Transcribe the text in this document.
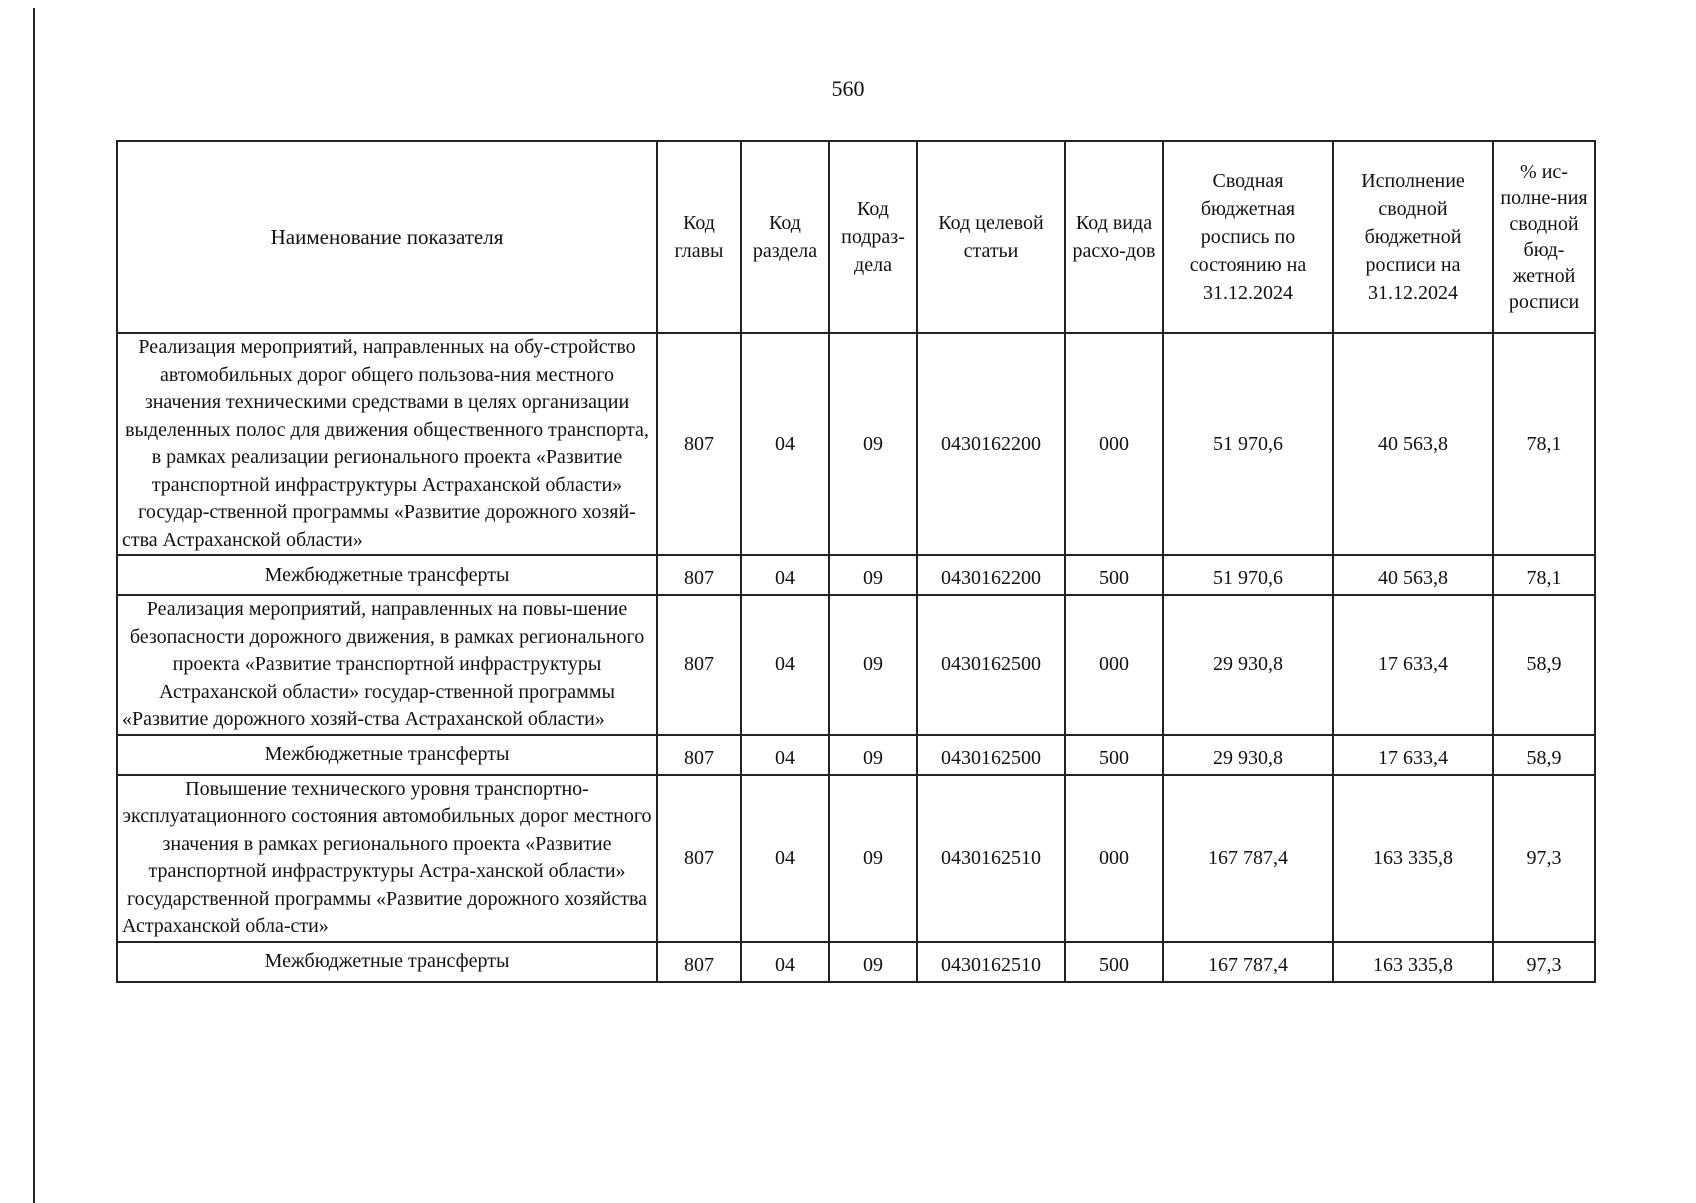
560
Наименование показателя	Код главы	Код раздела	Код подраз-дела	Код целевой статьи	Код вида расхо-дов	Сводная бюджетная роспись по состоянию на 31.12.2024	Исполнение сводной бюджетной росписи на 31.12.2024	% ис-полне-ния сводной бюд-жетной росписи
Реализация мероприятий, направленных на обу-стройство автомобильных дорог общего пользова-ния местного значения техническими средствами в целях организации выделенных полос для движения общественного транспорта, в рамках реализации регионального проекта «Развитие транспортной инфраструктуры Астраханской области» государ-ственной программы «Развитие дорожного хозяй-ства Астраханской области»	807	04	09	0430162200	000	51 970,6	40 563,8	78,1
Межбюджетные трансферты	807	04	09	0430162200	500	51 970,6	40 563,8	78,1
Реализация мероприятий, направленных на повы-шение безопасности дорожного движения, в рамках регионального проекта «Развитие транспортной инфраструктуры Астраханской области» государ-ственной программы «Развитие дорожного хозяй-ства Астраханской области»	807	04	09	0430162500	000	29 930,8	17 633,4	58,9
Межбюджетные трансферты	807	04	09	0430162500	500	29 930,8	17 633,4	58,9
Повышение технического уровня транспортно-эксплуатационного состояния автомобильных дорог местного значения в рамках регионального проекта «Развитие транспортной инфраструктуры Астра-ханской области» государственной программы «Развитие дорожного хозяйства Астраханской обла-сти»	807	04	09	0430162510	000	167 787,4	163 335,8	97,3
Межбюджетные трансферты	807	04	09	0430162510	500	167 787,4	163 335,8	97,3
